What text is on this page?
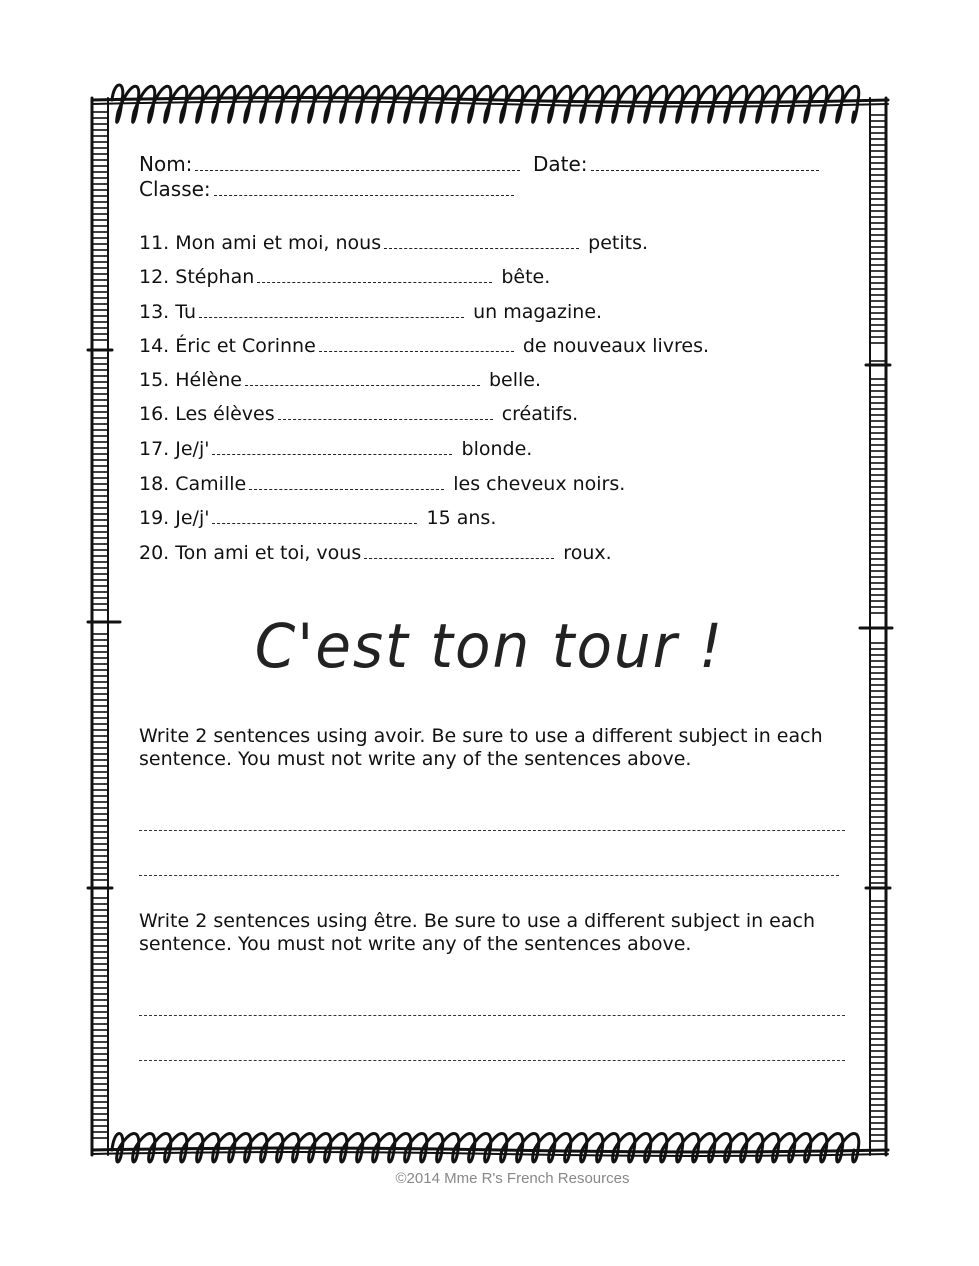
Nom:	Date:
Classe:
11. Mon ami et moi, nous	petits.
12. Stéphan	bête.
13. Tu	un magazine.
14. Éric et Corinne	de nouveaux livres.
15. Hélène	belle.
16. Les élèves	créatifs.
17. Je/j'	blonde.
18. Camille	les cheveux noirs.
19. Je/j'	15 ans.
20. Ton ami et toi, vous	roux.
C'est ton tour !
Write 2 sentences using avoir. Be sure to use a different subject in each sentence. You must not write any of the sentences above.
Write 2 sentences using être. Be sure to use a different subject in each sentence. You must not write any of the sentences above.
©2014 Mme R's French Resources
